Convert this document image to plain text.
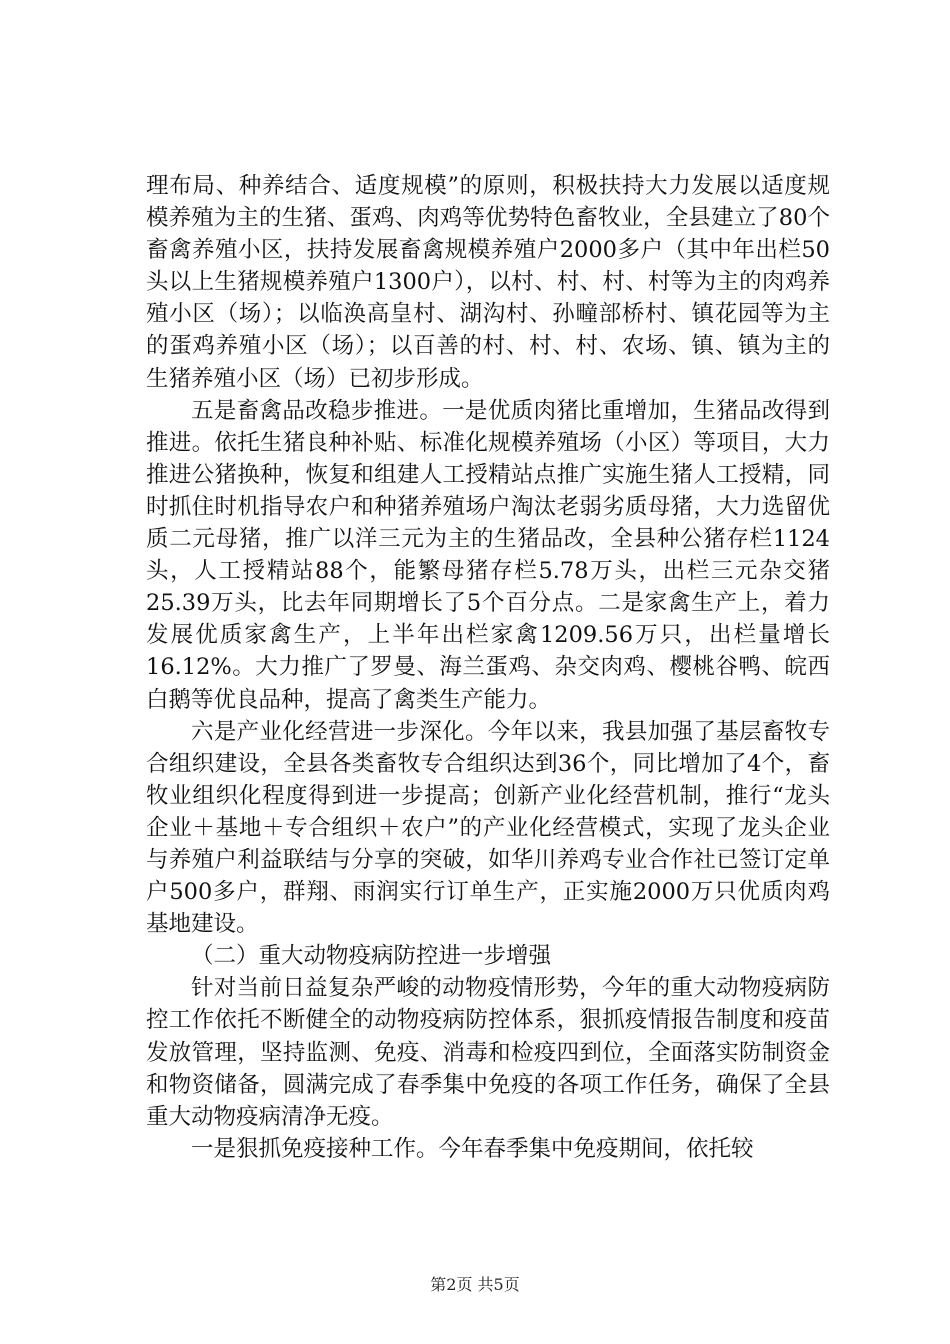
理布局、种养结合、适度规模”的原则，积极扶持大力发展以适度规模养殖为主的生猪、蛋鸡、肉鸡等优势特色畜牧业，全县建立了80个畜禽养殖小区，扶持发展畜禽规模养殖户2000多户（其中年出栏50头以上生猪规模养殖户1300户），以村、村、村、村等为主的肉鸡养殖小区（场）；以临涣高皇村、湖沟村、孙疃部桥村、镇花园等为主的蛋鸡养殖小区（场）；以百善的村、村、村、农场、镇、镇为主的生猪养殖小区（场）已初步形成。

五是畜禽品改稳步推进。一是优质肉猪比重增加，生猪品改得到推进。依托生猪良种补贴、标准化规模养殖场（小区）等项目，大力推进公猪换种，恢复和组建人工授精站点推广实施生猪人工授精，同时抓住时机指导农户和种猪养殖场户淘汰老弱劣质母猪，大力选留优质二元母猪，推广以洋三元为主的生猪品改，全县种公猪存栏1124头，人工授精站88个，能繁母猪存栏5.78万头，出栏三元杂交猪25.39万头，比去年同期增长了5个百分点。二是家禽生产上，着力发展优质家禽生产，上半年出栏家禽1209.56万只，出栏量增长16.12%。大力推广了罗曼、海兰蛋鸡、杂交肉鸡、樱桃谷鸭、皖西白鹅等优良品种，提高了禽类生产能力。

六是产业化经营进一步深化。今年以来，我县加强了基层畜牧专合组织建设，全县各类畜牧专合组织达到36个，同比增加了4个，畜牧业组织化程度得到进一步提高；创新产业化经营机制，推行“龙头企业＋基地＋专合组织＋农户”的产业化经营模式，实现了龙头企业与养殖户利益联结与分享的突破，如华川养鸡专业合作社已签订定单户500多户，群翔、雨润实行订单生产，正实施2000万只优质肉鸡基地建设。

（二）重大动物疫病防控进一步增强

针对当前日益复杂严峻的动物疫情形势，今年的重大动物疫病防控工作依托不断健全的动物疫病防控体系，狠抓疫情报告制度和疫苗发放管理，坚持监测、免疫、消毒和检疫四到位，全面落实防制资金和物资储备，圆满完成了春季集中免疫的各项工作任务，确保了全县重大动物疫病清净无疫。

一是狠抓免疫接种工作。今年春季集中免疫期间，依托较

第2页 共5页
